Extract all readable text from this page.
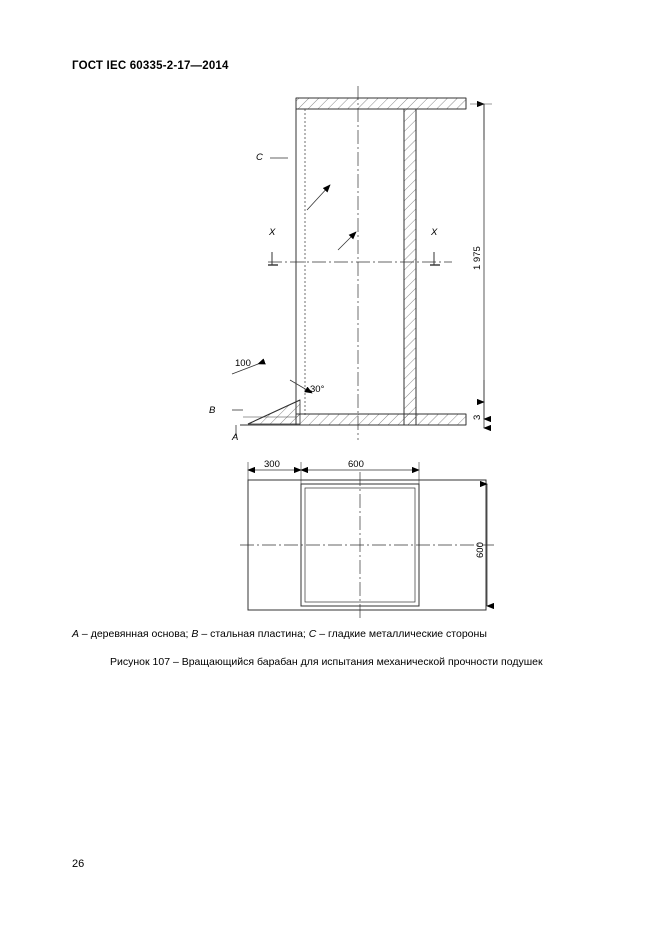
ГОСТ IEC 60335-2-17—2014
C
B
A
X	X
100
30°
1 975
3
300	600
600
A – деревянная основа; B – стальная пластина; C – гладкие металлические стороны
Рисунок 107 – Вращающийся барабан для испытания механической прочности подушек
26
